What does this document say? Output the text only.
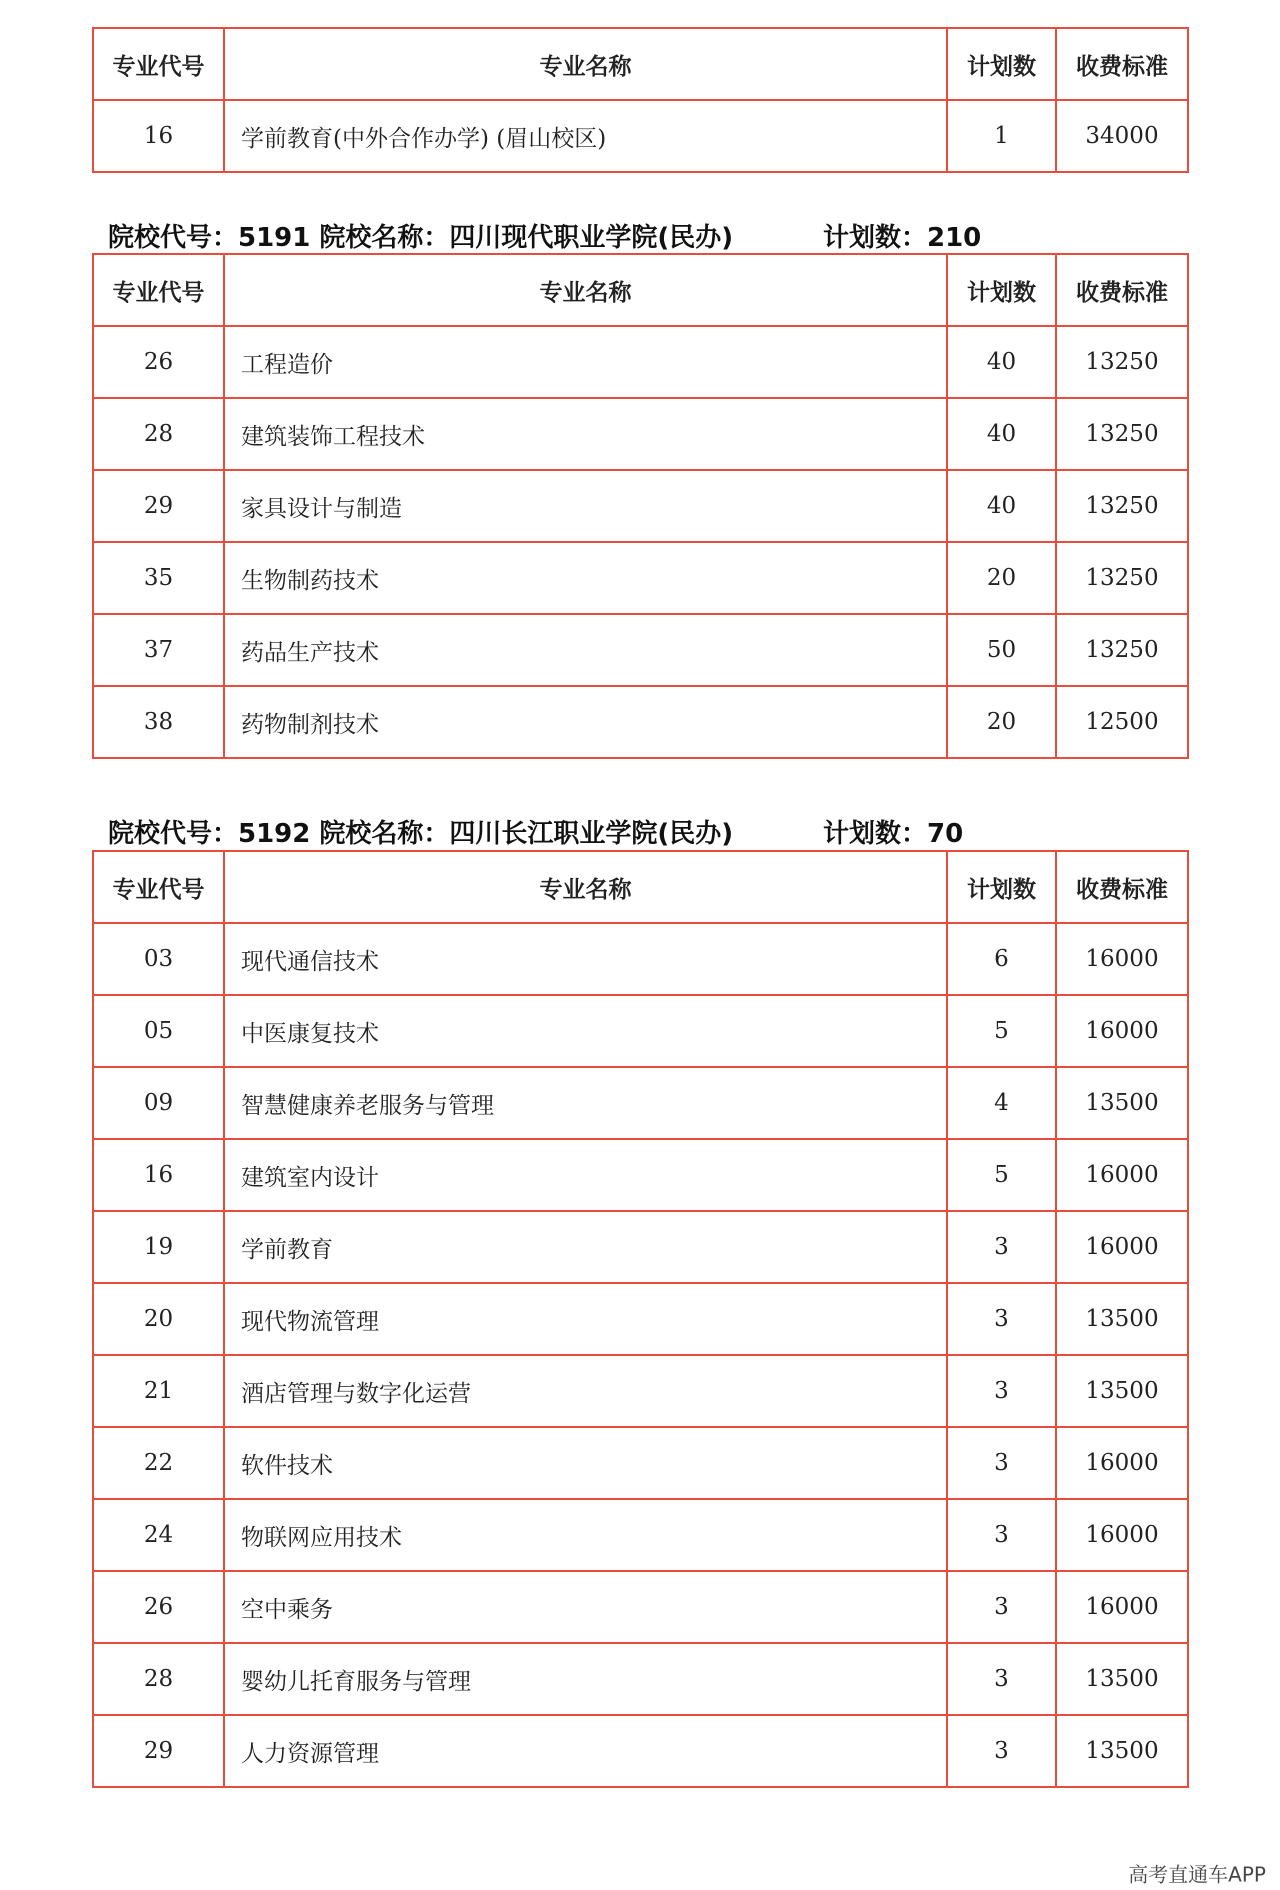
专业代号	专业名称	计划数	收费标准
16	学前教育(中外合作办学) (眉山校区)	1	34000
院校代号：5191 院校名称：四川现代职业学院(民办)	计划数：210
专业代号	专业名称	计划数	收费标准
26	工程造价	40	13250
28	建筑装饰工程技术	40	13250
29	家具设计与制造	40	13250
35	生物制药技术	20	13250
37	药品生产技术	50	13250
38	药物制剂技术	20	12500
院校代号：5192 院校名称：四川长江职业学院(民办)	计划数：70
专业代号	专业名称	计划数	收费标准
03	现代通信技术	6	16000
05	中医康复技术	5	16000
09	智慧健康养老服务与管理	4	13500
16	建筑室内设计	5	16000
19	学前教育	3	16000
20	现代物流管理	3	13500
21	酒店管理与数字化运营	3	13500
22	软件技术	3	16000
24	物联网应用技术	3	16000
26	空中乘务	3	16000
28	婴幼儿托育服务与管理	3	13500
29	人力资源管理	3	13500
高考直通车APP
